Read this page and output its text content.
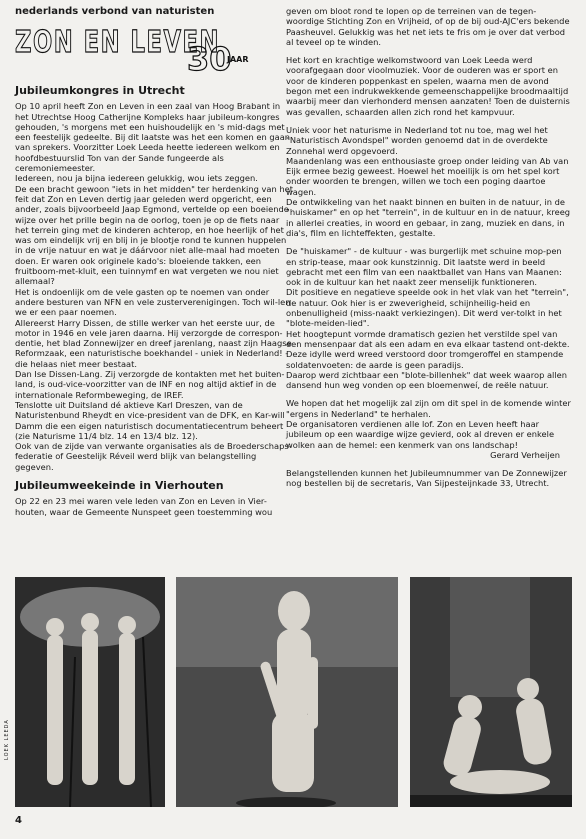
nederlands verbond van naturisten
ZON EN LEVEN
30
JAAR

Jubileumkongres in Utrecht

Op 10 april heeft Zon en Leven in een zaal van Hoog Brabant in het Utrechtse Hoog Catherijne Kompleks haar jubileum-kongres gehouden, 's morgens met een huishoudelijk en 's mid-dags met een feestelijk gedeelte. Bij dit laatste was het een komen en gaan van sprekers. Voorzitter Loek Leeda heette iedereen welkom en hoofdbestuurslid Ton van der Sande fungeerde als ceremoniemeester.

Iedereen, nou ja bijna iedereen gelukkig, wou iets zeggen.

De een bracht gewoon "iets in het midden" ter herdenking van het feit dat Zon en Leven dertig jaar geleden werd opgericht, een ander, zoals bijvoorbeeld Jaap Egmond, vertelde op een boeiende wijze over het prille begin na de oorlog, toen je op de fiets naar het terrein ging met de kinderen achterop, en hoe heerlijk of het was om eindelijk vrij en blij in je blootje rond te kunnen huppelen in de vrije natuur en wat je dáárvoor niet alle-maal had moeten doen. Er waren ook originele kado's: bloeiende takken, een fruitboom-met-kluit, een tuinnymf en wat vergeten we nou niet allemaal?

Het is ondoenlijk om de vele gasten op te noemen van onder andere besturen van NFN en vele zusterverenigingen. Toch wil-len we er een paar noemen.

Allereerst Harry Dissen, de stille werker van het eerste uur, de motor in 1946 en vele jaren daarna. Hij verzorgde de correspon-dentie, het blad Zonnewijzer en dreef jarenlang, naast zijn Haagse Reformzaak, een naturistische boekhandel - uniek in Nederland! - die helaas niet meer bestaat.

Dan Ise Dissen-Lang. Zij verzorgde de kontakten met het buiten-land, is oud-vice-voorzitter van de INF en nog altijd aktief in de internationale Reformbeweging, de IREF.

Tenslotte uit Duitsland dé aktieve Karl Dreszen, van de Naturistenbund Rheydt en vice-president van de DFK, en Kar-will Damm die een eigen naturistisch documentatiecentrum beheert (zie Naturisme 11/4 blz. 14 en 13/4 blz. 12).

Ook van de zijde van verwante organisaties als de Broederschaps-federatie of Geestelijk Réveil werd blijk van belangstelling gegeven.

Jubileumweekeinde in Vierhouten

Op 22 en 23 mei waren vele leden van Zon en Leven in Vier-houten, waar de Gemeente Nunspeet geen toestemming wou

geven om bloot rond te lopen op de terreinen van de tegen-woordige Stichting Zon en Vrijheid, of op de bij oud-AJC'ers bekende Paasheuvel. Gelukkig was het net iets te fris om je over dat verbod al teveel op te winden.

Het kort en krachtige welkomstwoord van Loek Leeda werd voorafgegaan door vioolmuziek. Voor de ouderen was er sport en voor de kinderen poppenkast en spelen, waarna men de avond begon met een indrukwekkende gemeenschappelijke broodmaaltijd waarbij meer dan vierhonderd mensen aanzaten! Toen de duisternis was gevallen, schaarden allen zich rond het kampvuur.

Uniek voor het naturisme in Nederland tot nu toe, mag wel het "Naturistisch Avondspel" worden genoemd dat in de overdekte Zonnehal werd opgevoerd.

Maandenlang was een enthousiaste groep onder leiding van Ab van Eijk ermee bezig geweest. Hoewel het moeilijk is om het spel kort onder woorden te brengen, willen we toch een poging daartoe wagen.

De ontwikkeling van het naakt binnen en buiten in de natuur, in de "huiskamer" en op het "terrein", in de kultuur en in de natuur, kreeg in allerlei creaties, in woord en gebaar, in zang, muziek en dans, in dia's, film en lichteffekten, gestalte.

De "huiskamer" - de kultuur - was burgerlijk met schuine mop-pen en strip-tease, maar ook kunstzinnig. Dit laatste werd in beeld gebracht met een film van een naaktballet van Hans van Maanen: ook in de kultuur kan het naakt zeer menselijk funktioneren.

Dit positieve en negatieve speelde ook in het vlak van het "terrein", de natuur. Ook hier is er zweverigheid, schijnheilig-heid en onbenulligheid (miss-naakt verkiezingen). Dit werd ver-tolkt in het "blote-meiden-lied".

Het hoogtepunt vormde dramatisch gezien het verstilde spel van een mensenpaar dat als een adam en eva elkaar tastend ont-dekte. Deze idylle werd wreed verstoord door tromgeroffel en stampende soldatenvoeten: de aarde is geen paradijs.

Daarop werd zichtbaar een "blote-billenhek" dat week waarop allen dansend hun weg vonden op een bloemenweí, de reële natuur.

We hopen dat het mogelijk zal zijn om dit spel in de komende winter "ergens in Nederland" te herhalen.

De organisatoren verdienen alle lof. Zon en Leven heeft haar jubileum op een waardige wijze gevierd, ook al dreven er enkele wolken aan de hemel: een kenmerk van ons landschap!

Gerard Verheijen

Belangstellenden kunnen het Jubileumnummer van De Zonnewijzer nog bestellen bij de secretaris, Van Sijpesteijnkade 33, Utrecht.

LOEK LEEDA
4
